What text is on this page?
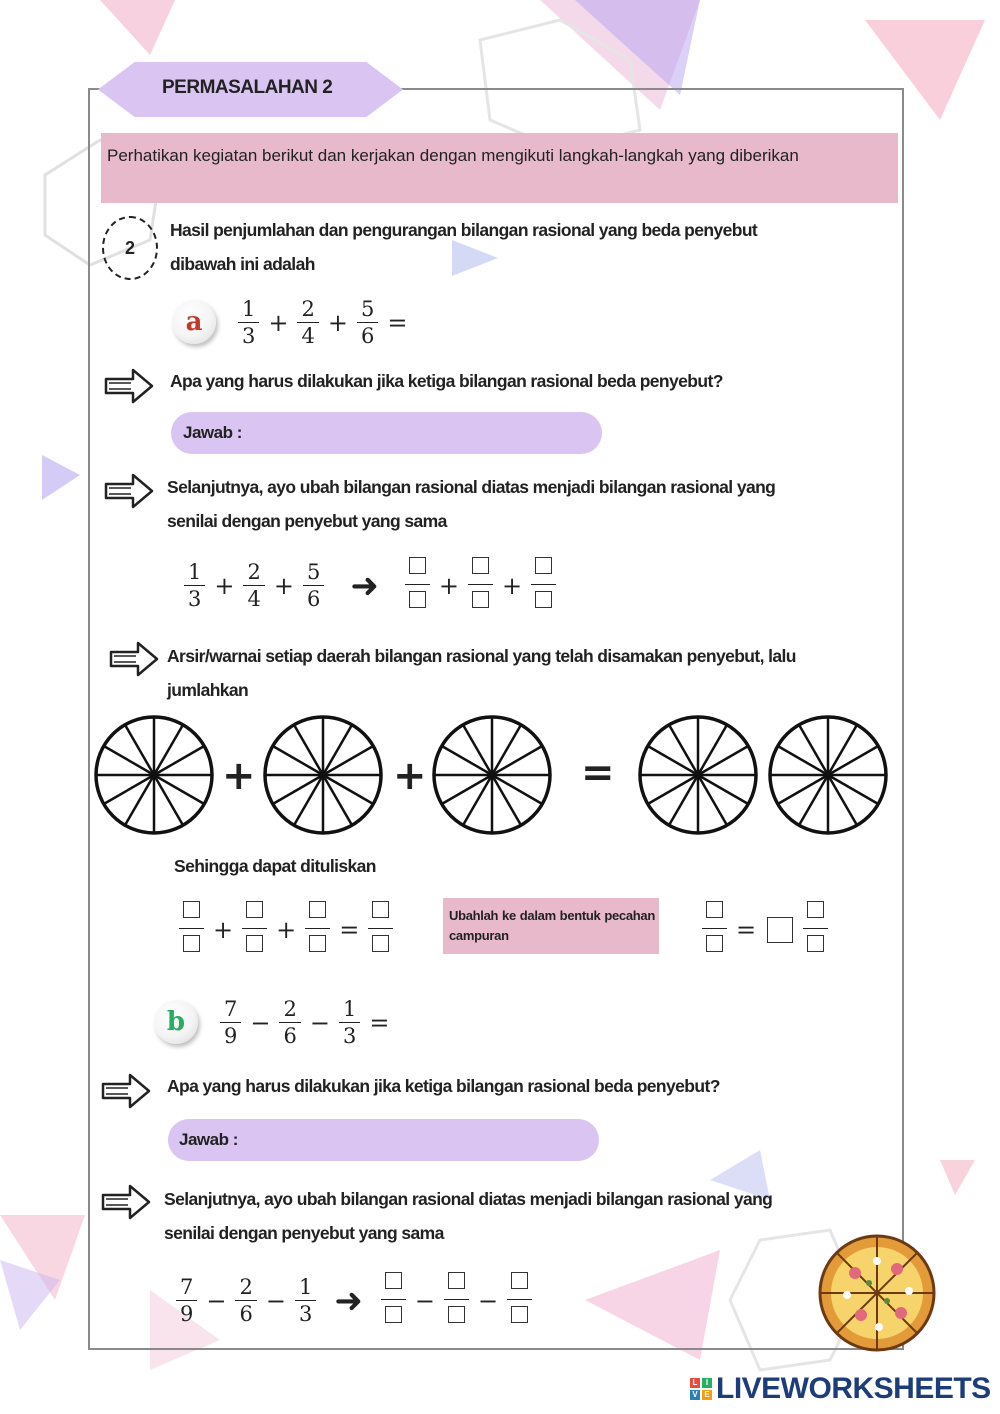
PERMASALAHAN 2
Perhatikan kegiatan berikut dan kerjakan dengan mengikuti langkah-langkah yang diberikan
2
Hasil penjumlahan dan pengurangan bilangan rasional yang beda penyebut
dibawah ini adalah
a	$\frac{1}{3} + \frac{2}{4} + \frac{5}{6}$ =
Apa yang harus dilakukan jika ketiga bilangan rasional beda penyebut?
Jawab :
Selanjutnya, ayo ubah bilangan rasional diatas menjadi bilangan rasional yang
senilai dengan penyebut yang sama
$\frac{1}{3} + \frac{2}{4} + \frac{5}{6}$ ➜	+ +
Arsir/warnai setiap daerah bilangan rasional yang telah disamakan penyebut, lalu
jumlahkan
+	+	=
Sehingga dapat dituliskan
+ + =	Ubahlah ke dalam bentuk pecahan campuran	=
b	$\frac{7}{9} - \frac{2}{6} - \frac{1}{3}$ =
Apa yang harus dilakukan jika ketiga bilangan rasional beda penyebut?
Jawab :
Selanjutnya, ayo ubah bilangan rasional diatas menjadi bilangan rasional yang
senilai dengan penyebut yang sama
$\frac{7}{9} - \frac{2}{6} - \frac{1}{3}$ ➜ − −
L	I
V E LIVEWORKSHEETS
